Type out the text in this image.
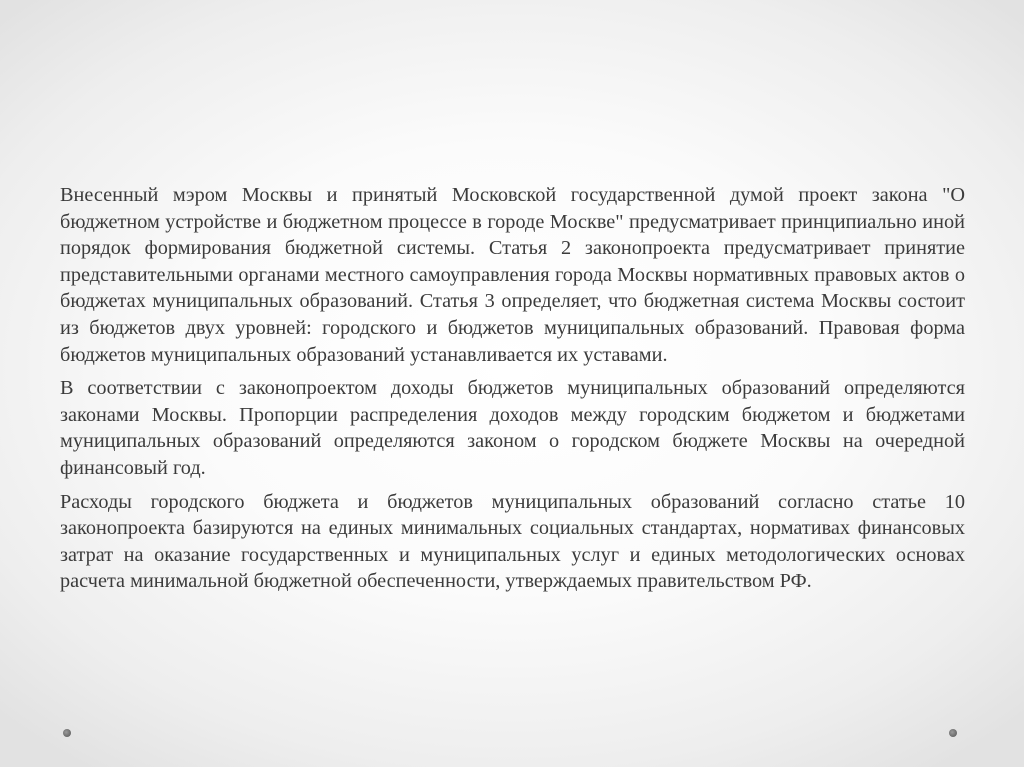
Внесенный мэром Москвы и принятый Московской государственной думой проект закона "О бюджетном устройстве и бюджетном процессе в городе Москве" предусматривает принципиально иной порядок формирования бюджетной системы. Статья 2 законопроекта предусматривает принятие представительными органами местного самоуправления города Москвы нормативных правовых актов о бюджетах муниципальных образований. Статья 3 определяет, что бюджетная система Москвы состоит из бюджетов двух уровней: городского и бюджетов муниципальных образований. Правовая форма бюджетов муниципальных образований устанавливается их уставами.

В соответствии с законопроектом доходы бюджетов муниципальных образований определяются законами Москвы. Пропорции распределения доходов между городским бюджетом и бюджетами муниципальных образований определяются законом о городском бюджете Москвы на очередной финансовый год.

Расходы городского бюджета и бюджетов муниципальных образований согласно статье 10 законопроекта базируются на единых минимальных социальных стандартах, нормативах финансовых затрат на оказание государственных и муниципальных услуг и единых методологических основах расчета минимальной бюджетной обеспеченности, утверждаемых правительством РФ.
